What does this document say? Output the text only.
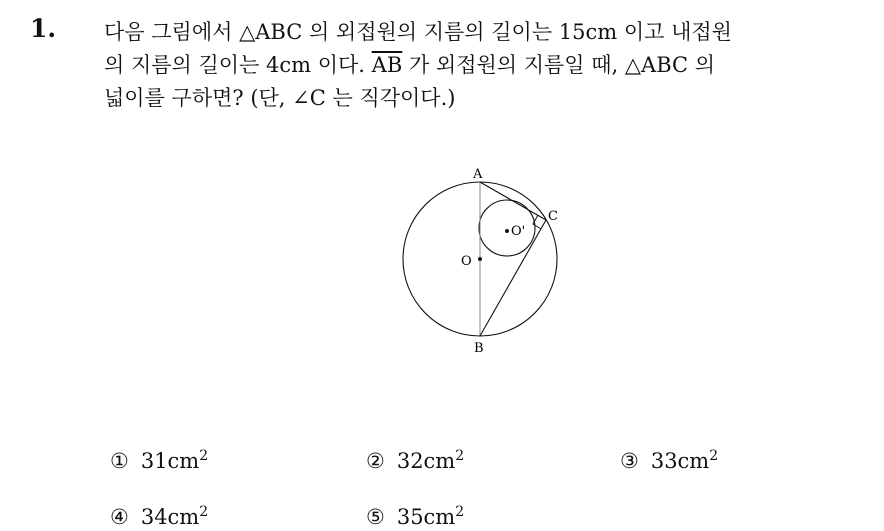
1. 다음 그림에서 △ABC 의 외접원의 지름의 길이는 15cm 이고 내접원
의 지름의 길이는 4cm 이다. $\overline{AB}$ 가 외접원의 지름일 때, △ABC 의
넓이를 구하면? (단, ∠C 는 직각이다.)
A
B
C
O
O'
① $31cm^2$	② $32cm^2$	③ $33cm^2$
④ $34cm^2$	⑤ $35cm^2$
